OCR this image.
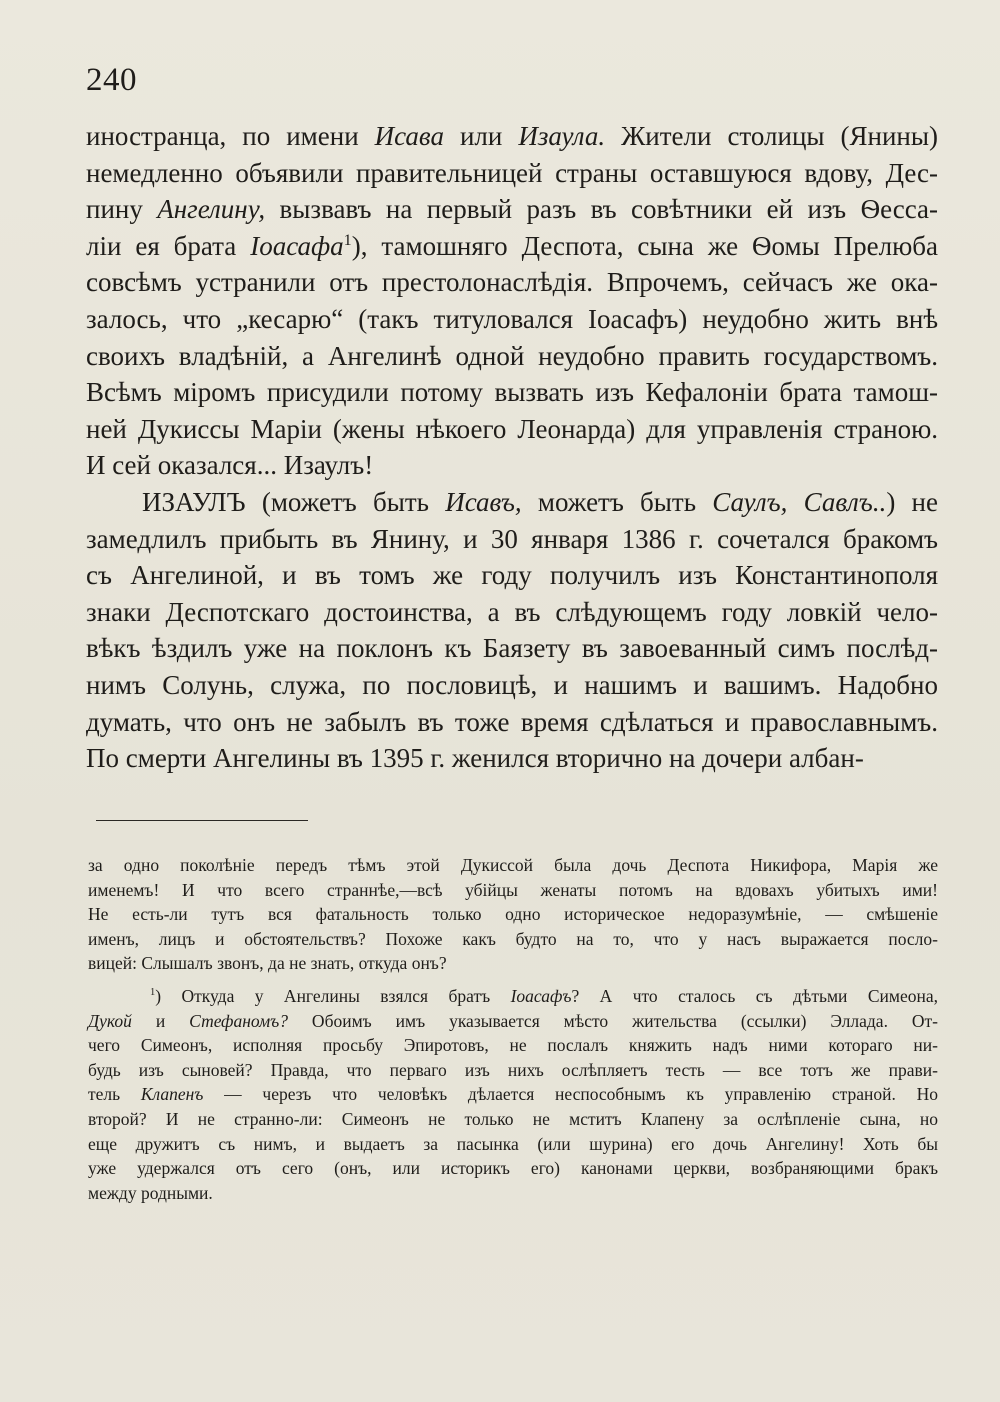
240
иностранца, по имени Исава или Изаула. Жители столицы (Янины)
немедленно объявили правительницей страны оставшуюся вдову, Дес-
пину Ангелину, вызвавъ на первый разъ въ совѣтники ей изъ Ѳесса-
ліи ея брата Іоасафа$^1$), тамошняго Деспота, сына же Ѳомы Прелюба
совсѣмъ устранили отъ престолонаслѣдія. Впрочемъ, сейчасъ же ока-
залось, что „кесарю“ (такъ титуловался Іоасафъ) неудобно жить внѣ
своихъ владѣній, а Ангелинѣ одной неудобно править государствомъ.
Всѣмъ міромъ присудили потому вызвать изъ Кефалоніи брата тамош-
ней Дукиссы Маріи (жены нѣкоего Леонарда) для управленія страною.
И сей оказался... Изаулъ!
ИЗАУЛЪ (можетъ быть Исавъ, можетъ быть Саулъ, Савлъ..) не
замедлилъ прибыть въ Янину, и 30 января 1386 г. сочетался бракомъ
съ Ангелиной, и въ томъ же году получилъ изъ Константинополя
знаки Деспотскаго достоинства, а въ слѣдующемъ году ловкій чело-
вѣкъ ѣздилъ уже на поклонъ къ Баязету въ завоеванный симъ послѣд-
нимъ Солунь, служа, по пословицѣ, и нашимъ и вашимъ. Надобно
думать, что онъ не забылъ въ тоже время сдѣлаться и православнымъ.
По смерти Ангелины въ 1395 г. женился вторично на дочери албан-
за одно поколѣніе передъ тѣмъ этой Дукиссой была дочь Деспота Никифора, Марія же
именемъ! И что всего страннѣе,—всѣ убійцы женаты потомъ на вдовахъ убитыхъ ими!
Не есть-ли тутъ вся фатальность только одно историческое недоразумѣніе, — смѣшеніе
именъ, лицъ и обстоятельствъ? Похоже какъ будто на то, что у насъ выражается посло-
вицей: Слышалъ звонъ, да не знать, откуда онъ?
$^1$) Откуда у Ангелины взялся братъ Іоасафъ? А что сталось съ дѣтьми Симеона,
Дукой и Стефаномъ? Обоимъ имъ указывается мѣсто жительства (ссылки) Эллада. От-
чего Симеонъ, исполняя просьбу Эпиротовъ, не послалъ княжить надъ ними котораго ни-
будь изъ сыновей? Правда, что перваго изъ нихъ ослѣпляетъ тесть — все тотъ же прави-
тель Клапенъ — черезъ что человѣкъ дѣлается неспособнымъ къ управленію страной. Но
второй? И не странно-ли: Симеонъ не только не мститъ Клапену за ослѣпленіе сына, но
еще дружитъ съ нимъ, и выдаетъ за пасынка (или шурина) его дочь Ангелину! Хоть бы
уже удержался отъ сего (онъ, или историкъ его) канонами церкви, возбраняющими бракъ
между родными.
